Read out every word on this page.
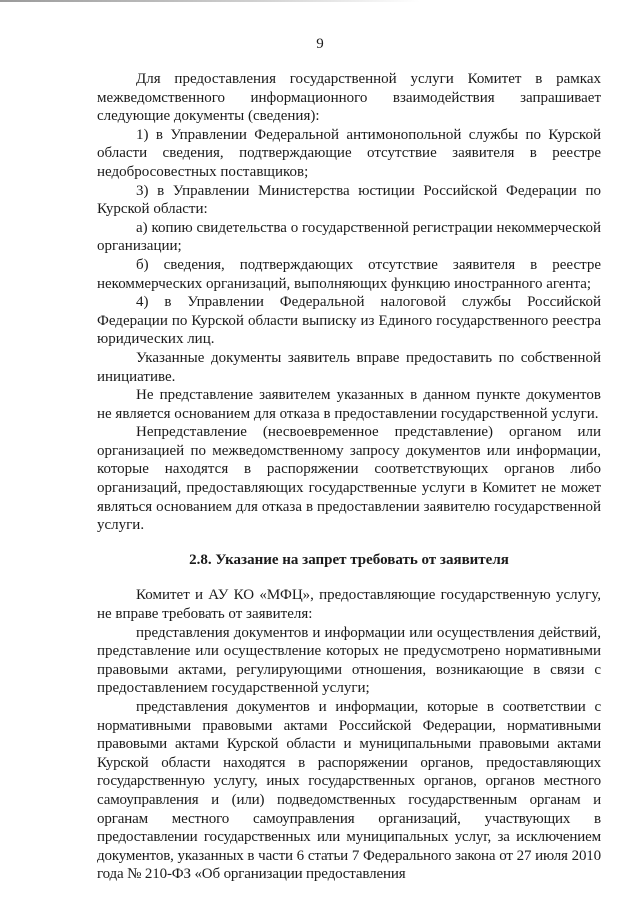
9

Для предоставления государственной услуги Комитет в рамках межведомственного информационного взаимодействия запрашивает следующие документы (сведения):

1) в Управлении Федеральной антимонопольной службы по Курской области сведения, подтверждающие отсутствие заявителя в реестре недобросовестных поставщиков;

3) в Управлении Министерства юстиции Российской Федерации по Курской области:

а) копию свидетельства о государственной регистрации некоммерческой организации;

б) сведения, подтверждающих отсутствие заявителя в реестре некоммерческих организаций, выполняющих функцию иностранного агента;

4) в Управлении Федеральной налоговой службы Российской Федерации по Курской области выписку из Единого государственного реестра юридических лиц.

Указанные документы заявитель вправе предоставить по собственной инициативе.

Не представление заявителем указанных в данном пункте документов не является основанием для отказа в предоставлении государственной услуги.

Непредставление (несвоевременное представление) органом или организацией по межведомственному запросу документов или информации, которые находятся в распоряжении соответствующих органов либо организаций, предоставляющих государственные услуги в Комитет не может являться основанием для отказа в предоставлении заявителю государственной услуги.

2.8. Указание на запрет требовать от заявителя

Комитет и АУ КО «МФЦ», предоставляющие государственную услугу, не вправе требовать от заявителя:

представления документов и информации или осуществления действий, представление или осуществление которых не предусмотрено нормативными правовыми актами, регулирующими отношения, возникающие в связи с предоставлением государственной услуги;

представления документов и информации, которые в соответствии с нормативными правовыми актами Российской Федерации, нормативными правовыми актами Курской области и муниципальными правовыми актами Курской области находятся в распоряжении органов, предоставляющих государственную услугу, иных государственных органов, органов местного самоуправления и (или) подведомственных государственным органам и органам местного самоуправления организаций, участвующих в предоставлении государственных или муниципальных услуг, за исключением документов, указанных в части 6 статьи 7 Федерального закона от 27 июля 2010 года № 210-ФЗ «Об организации предоставления
